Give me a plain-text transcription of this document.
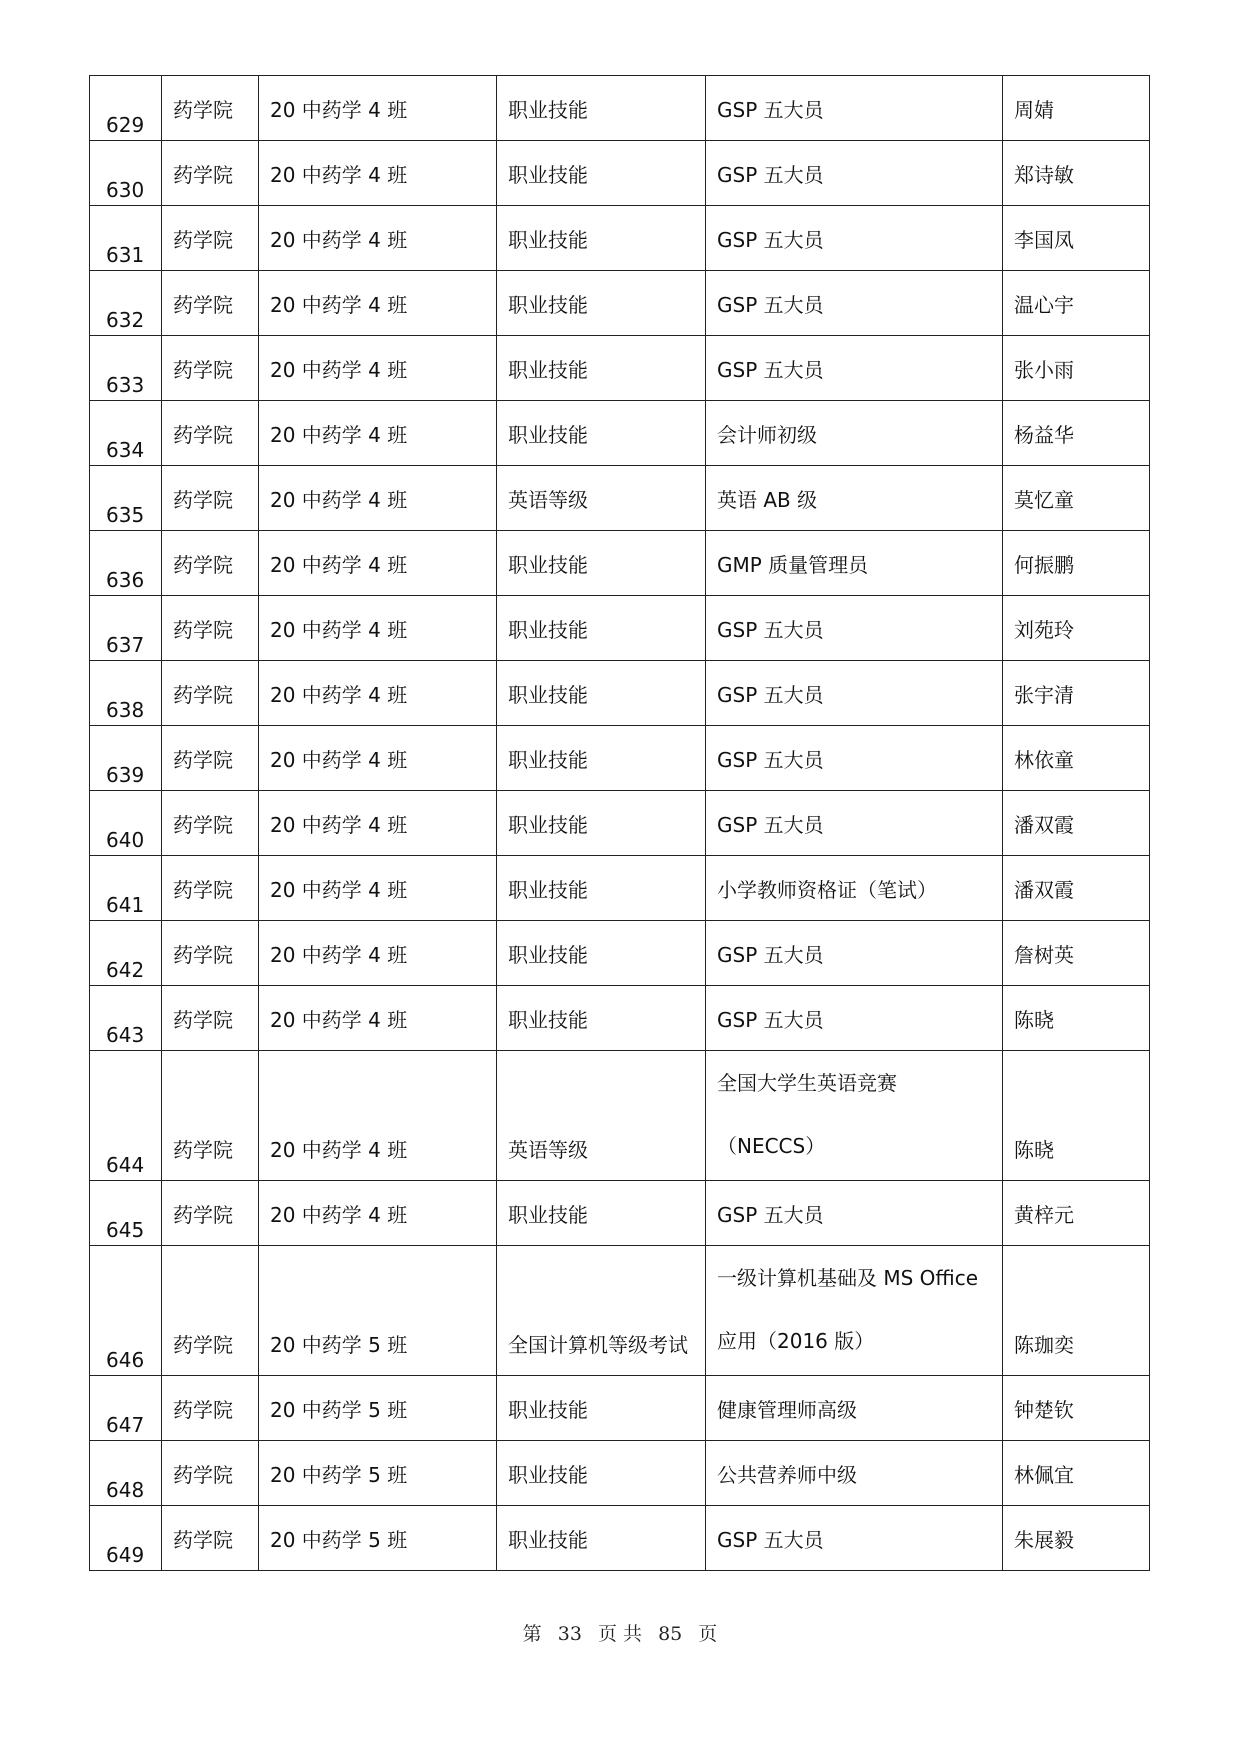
629	药学院	20 中药学 4 班	职业技能	GSP 五大员	周婧

630	药学院	20 中药学 4 班	职业技能	GSP 五大员	郑诗敏

631	药学院	20 中药学 4 班	职业技能	GSP 五大员	李国凤

632	药学院	20 中药学 4 班	职业技能	GSP 五大员	温心宇

633	药学院	20 中药学 4 班	职业技能	GSP 五大员	张小雨

634	药学院	20 中药学 4 班	职业技能	会计师初级	杨益华

635	药学院	20 中药学 4 班	英语等级	英语 AB 级	莫忆童

636	药学院	20 中药学 4 班	职业技能	GMP 质量管理员	何振鹏

637	药学院	20 中药学 4 班	职业技能	GSP 五大员	刘苑玲

638	药学院	20 中药学 4 班	职业技能	GSP 五大员	张宇清

639	药学院	20 中药学 4 班	职业技能	GSP 五大员	林依童

640	药学院	20 中药学 4 班	职业技能	GSP 五大员	潘双霞

641	药学院	20 中药学 4 班	职业技能	小学教师资格证（笔试）	潘双霞

642	药学院	20 中药学 4 班	职业技能	GSP 五大员	詹树英

643	药学院	20 中药学 4 班	职业技能	GSP 五大员	陈晓

644	药学院	20 中药学 4 班	英语等级	全国大学生英语竞赛
（NECCS）	陈晓

645	药学院	20 中药学 4 班	职业技能	GSP 五大员	黄梓元

646	药学院	20 中药学 5 班	全国计算机等级考试	一级计算机基础及 MS Office
应用（2016 版）	陈珈奕

647	药学院	20 中药学 5 班	职业技能	健康管理师高级	钟楚钦

648	药学院	20 中药学 5 班	职业技能	公共营养师中级	林佩宜

649	药学院	20 中药学 5 班	职业技能	GSP 五大员	朱展毅
第 33 页 共 85 页
